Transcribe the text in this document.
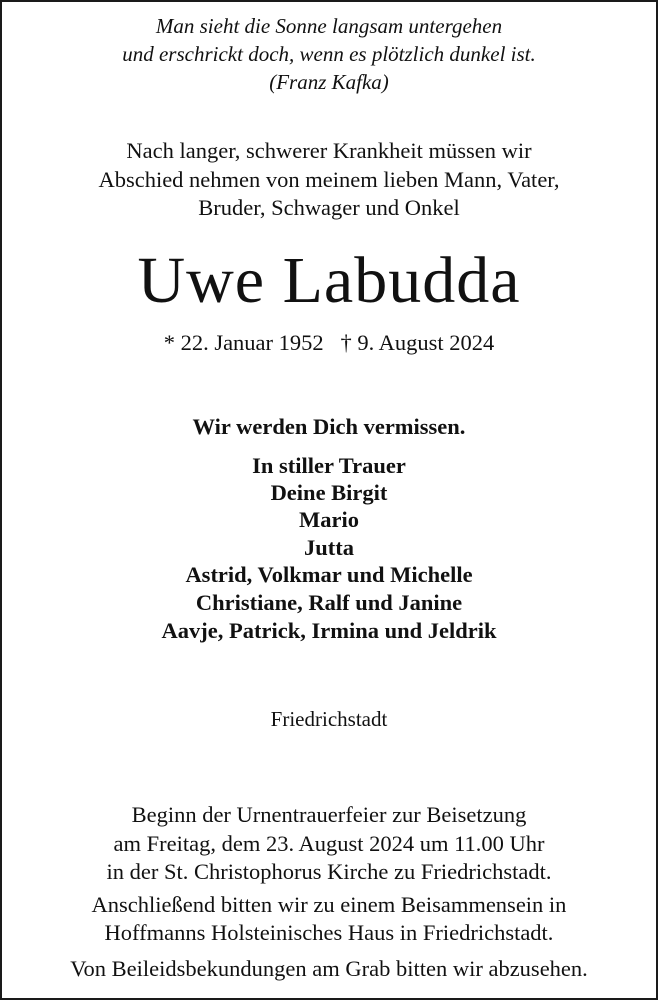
Man sieht die Sonne langsam untergehen
und erschrickt doch, wenn es plötzlich dunkel ist.
(Franz Kafka)
Nach langer, schwerer Krankheit müssen wir
Abschied nehmen von meinem lieben Mann, Vater,
Bruder, Schwager und Onkel
Uwe Labudda
* 22. Januar 1952   † 9. August 2024
Wir werden Dich vermissen.
In stiller Trauer
Deine Birgit
Mario
Jutta
Astrid, Volkmar und Michelle
Christiane, Ralf und Janine
Aavje, Patrick, Irmina und Jeldrik
Friedrichstadt
Beginn der Urnentrauerfeier zur Beisetzung
am Freitag, dem 23. August 2024 um 11.00 Uhr
in der St. Christophorus Kirche zu Friedrichstadt.
Anschließend bitten wir zu einem Beisammensein in
Hoffmanns Holsteinisches Haus in Friedrichstadt.
Von Beileidsbekundungen am Grab bitten wir abzusehen.
